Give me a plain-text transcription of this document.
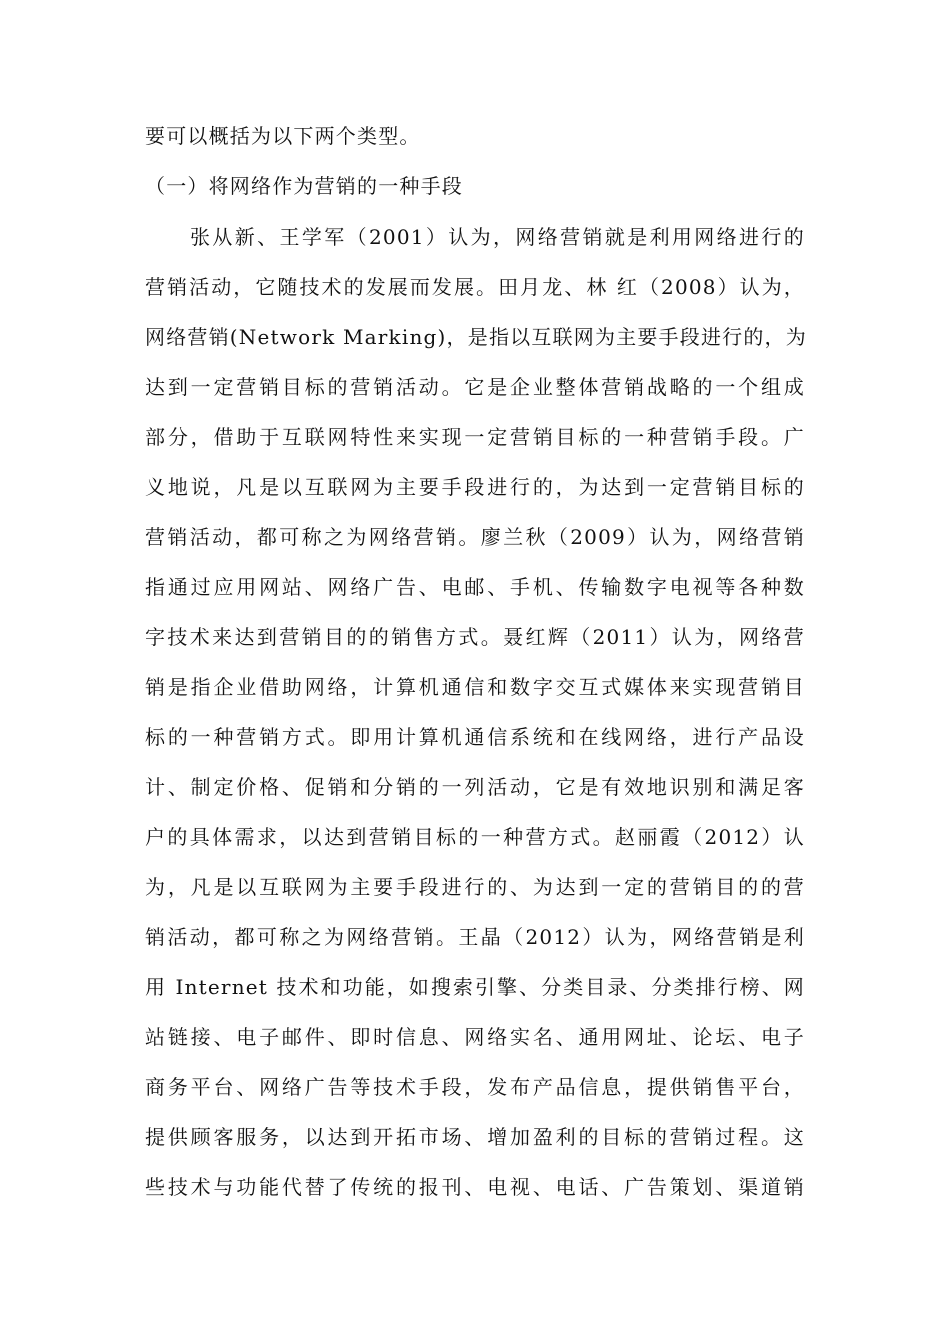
要可以概括为以下两个类型。
（一）将网络作为营销的一种手段
张从新、王学军（2001）认为，网络营销就是利用网络进行的
营销活动，它随技术的发展而发展。田月龙、林 红（2008）认为，
网络营销(Network Marking)，是指以互联网为主要手段进行的，为
达到一定营销目标的营销活动。它是企业整体营销战略的一个组成
部分，借助于互联网特性来实现一定营销目标的一种营销手段。广
义地说，凡是以互联网为主要手段进行的，为达到一定营销目标的
营销活动，都可称之为网络营销。廖兰秋（2009）认为，网络营销
指通过应用网站、网络广告、电邮、手机、传输数字电视等各种数
字技术来达到营销目的的销售方式。聂红辉（2011）认为，网络营
销是指企业借助网络，计算机通信和数字交互式媒体来实现营销目
标的一种营销方式。即用计算机通信系统和在线网络，进行产品设
计、制定价格、促销和分销的一列活动，它是有效地识别和满足客
户的具体需求，以达到营销目标的一种营方式。赵丽霞（2012）认
为，凡是以互联网为主要手段进行的、为达到一定的营销目的的营
销活动，都可称之为网络营销。王晶（2012）认为，网络营销是利
用 Internet 技术和功能，如搜索引擎、分类目录、分类排行榜、网
站链接、电子邮件、即时信息、网络实名、通用网址、论坛、电子
商务平台、网络广告等技术手段，发布产品信息，提供销售平台，
提供顾客服务，以达到开拓市场、增加盈利的目标的营销过程。这
些技术与功能代替了传统的报刊、电视、电话、广告策划、渠道销
